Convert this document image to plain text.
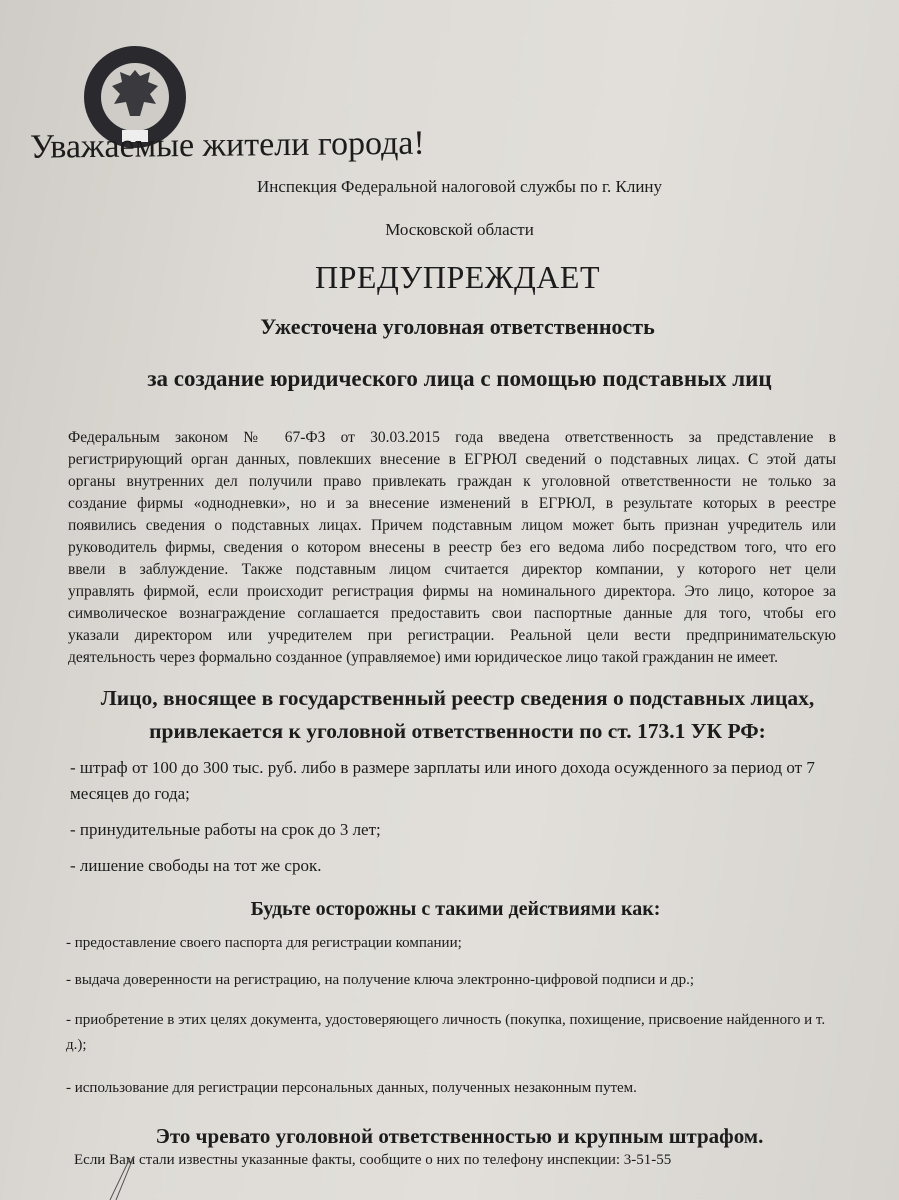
Уважаемые жители города!
Инспекция Федеральной налоговой службы по г. Клину
Московской области
ПРЕДУПРЕЖДАЕТ
Ужесточена уголовная ответственность
за создание юридического лица с помощью подставных лиц
Федеральным законом № 67-ФЗ от 30.03.2015 года введена ответственность за представление в
регистрирующий орган данных, повлекших внесение в ЕГРЮЛ сведений о подставных лицах. С этой даты
органы внутренних дел получили право привлекать граждан к уголовной ответственности не только за
создание фирмы «однодневки», но и за внесение изменений в ЕГРЮЛ, в результате которых в реестре
появились сведения о подставных лицах. Причем подставным лицом может быть признан учредитель или
руководитель фирмы, сведения о котором внесены в реестр без его ведома либо посредством того, что его
ввели в заблуждение. Также подставным лицом считается директор компании, у которого нет цели
управлять фирмой, если происходит регистрация фирмы на номинального директора. Это лицо, которое за
символическое вознаграждение соглашается предоставить свои паспортные данные для того, чтобы его
указали директором или учредителем при регистрации. Реальной цели вести предпринимательскую
деятельность через формально созданное (управляемое) ими юридическое лицо такой гражданин не имеет.
Лицо, вносящее в государственный реестр сведения о подставных лицах,
привлекается к уголовной ответственности по ст. 173.1 УК РФ:
- штраф от 100 до 300 тыс. руб. либо в размере зарплаты или иного дохода осужденного за период от 7 месяцев до года;
- принудительные работы на срок до 3 лет;
- лишение свободы на тот же срок.
Будьте осторожны с такими действиями как:
- предоставление своего паспорта для регистрации компании;
- выдача доверенности на регистрацию, на получение ключа электронно-цифровой подписи и др.;
- приобретение в этих целях документа, удостоверяющего личность (покупка, похищение, присвоение найденного и т. д.);
- использование для регистрации персональных данных, полученных незаконным путем.
Это чревато уголовной ответственностью и крупным штрафом.
Если Вам стали известны указанные факты, сообщите о них по телефону инспекции: 3-51-55
